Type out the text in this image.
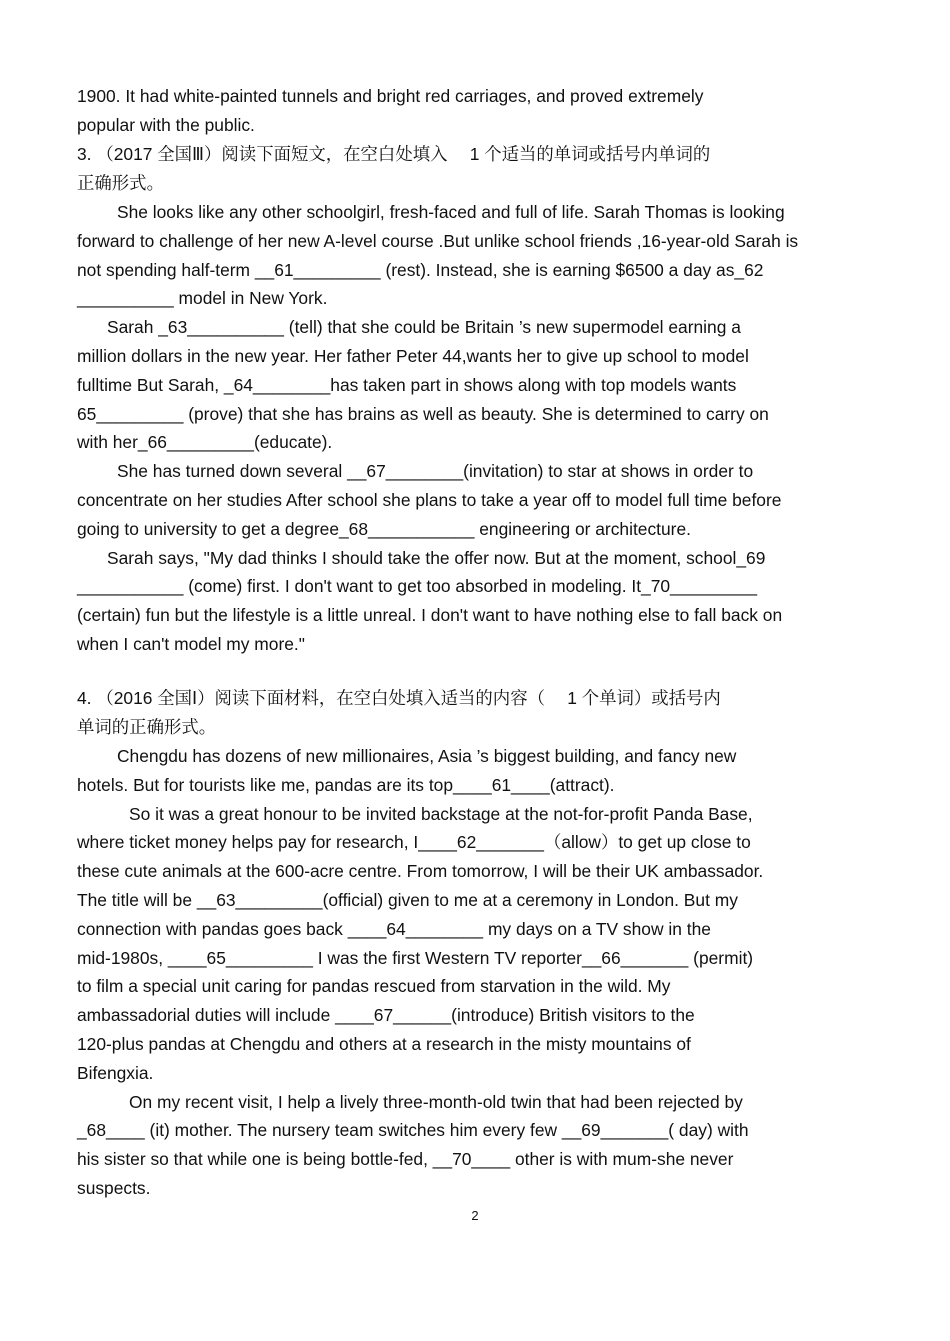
1900. It had white-painted tunnels and bright red carriages, and proved extremely

popular with the public.

3. （2017 全国Ⅲ）阅读下面短文，在空白处填入　 1 个适当的单词或括号内单词的

正确形式。

She looks like any other schoolgirl, fresh-faced and full of life. Sarah Thomas is looking

forward to challenge of her new A-level course .But unlike school friends ,16-year-old Sarah is

not spending half-term __61_________ (rest). Instead, she is earning $6500 a day as_62

__________ model in New York.

Sarah _63__________ (tell) that she could be Britain ’s new supermodel earning a

million dollars in the new year. Her father Peter 44,wants her to give up school to model

fulltime But Sarah, _64________has taken part in shows along with top models wants

65_________ (prove) that she has brains as well as beauty. She is determined to carry on

with her_66_________(educate).

She has turned down several __67________(invitation) to star at shows in order to

concentrate on her studies After school she plans to take a year off to model full time before

going to university to get a degree_68___________ engineering or architecture.

Sarah says, "My dad thinks I should take the offer now. But at the moment, school_69

___________ (come) first. I don't want to get too absorbed in modeling. It_70_________

(certain) fun but the lifestyle is a little unreal. I don't want to have nothing else to fall back on

when I can't model my more."

4. （2016 全国Ⅰ）阅读下面材料，在空白处填入适当的内容（　 1 个单词）或括号内

单词的正确形式。

Chengdu has dozens of new millionaires, Asia ’s biggest building, and fancy new

hotels. But for tourists like me, pandas are its top____61____(attract).

So it was a great honour to be invited backstage at the not-for-profit Panda Base,

where ticket money helps pay for research, I____62_______（allow）to get up close to

these cute animals at the 600-acre centre. From tomorrow, I will be their UK ambassador.

The title will be __63_________(official) given to me at a ceremony in London. But my

connection with pandas goes back ____64________ my days on a TV show in the

mid-1980s, ____65_________ I was the first Western TV reporter__66_______ (permit)

to film a special unit caring for pandas rescued from starvation in the wild. My

ambassadorial duties will include ____67______(introduce) British visitors to the

120-plus pandas at Chengdu and others at a research in the misty mountains of

Bifengxia.

On my recent visit, I help a lively three-month-old twin that had been rejected by

_68____ (it) mother. The nursery team switches him every few __69_______( day) with

his sister so that while one is being bottle-fed, __70____ other is with mum-she never

suspects.

2
